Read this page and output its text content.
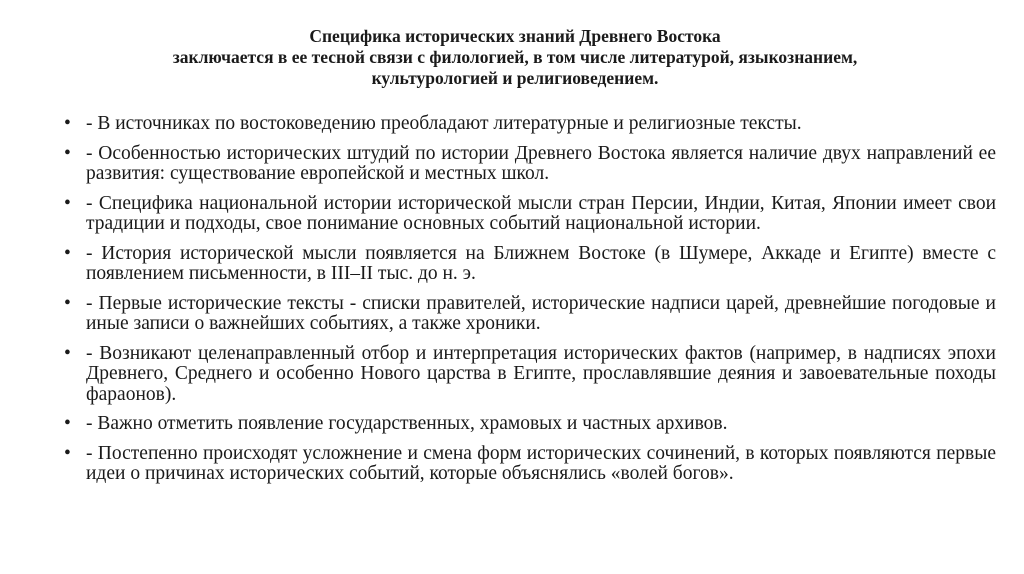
Специфика исторических знаний Древнего Востока
заключается в ее тесной связи с филологией, в том числе литературой, языкознанием,
культурологией и религиоведением.
• - В источниках по востоковедению преобладают литературные и религиозные тексты.
• - Особенностью исторических штудий по истории Древнего Востока является наличие двух направлений ее развития: существование европейской и местных школ.
• - Специфика национальной истории исторической мысли стран Персии, Индии, Китая, Японии имеет свои традиции и подходы, свое понимание основных событий национальной истории.
• - История исторической мысли появляется на Ближнем Востоке (в Шумере, Аккаде и Египте) вместе с появлением письменности, в III–II тыс. до н. э.
• - Первые исторические тексты - списки правителей, исторические надписи царей, древнейшие погодовые и иные записи о важнейших событиях, а также хроники.
• - Возникают целенаправленный отбор и интерпретация исторических фактов (например, в надписях эпохи Древнего, Среднего и особенно Нового царства в Египте, прославлявшие деяния и завоевательные походы фараонов).
• - Важно отметить появление государственных, храмовых и частных архивов.
• - Постепенно происходят усложнение и смена форм исторических сочинений, в которых появляются первые идеи о причинах исторических событий, которые объяснялись «волей богов».
